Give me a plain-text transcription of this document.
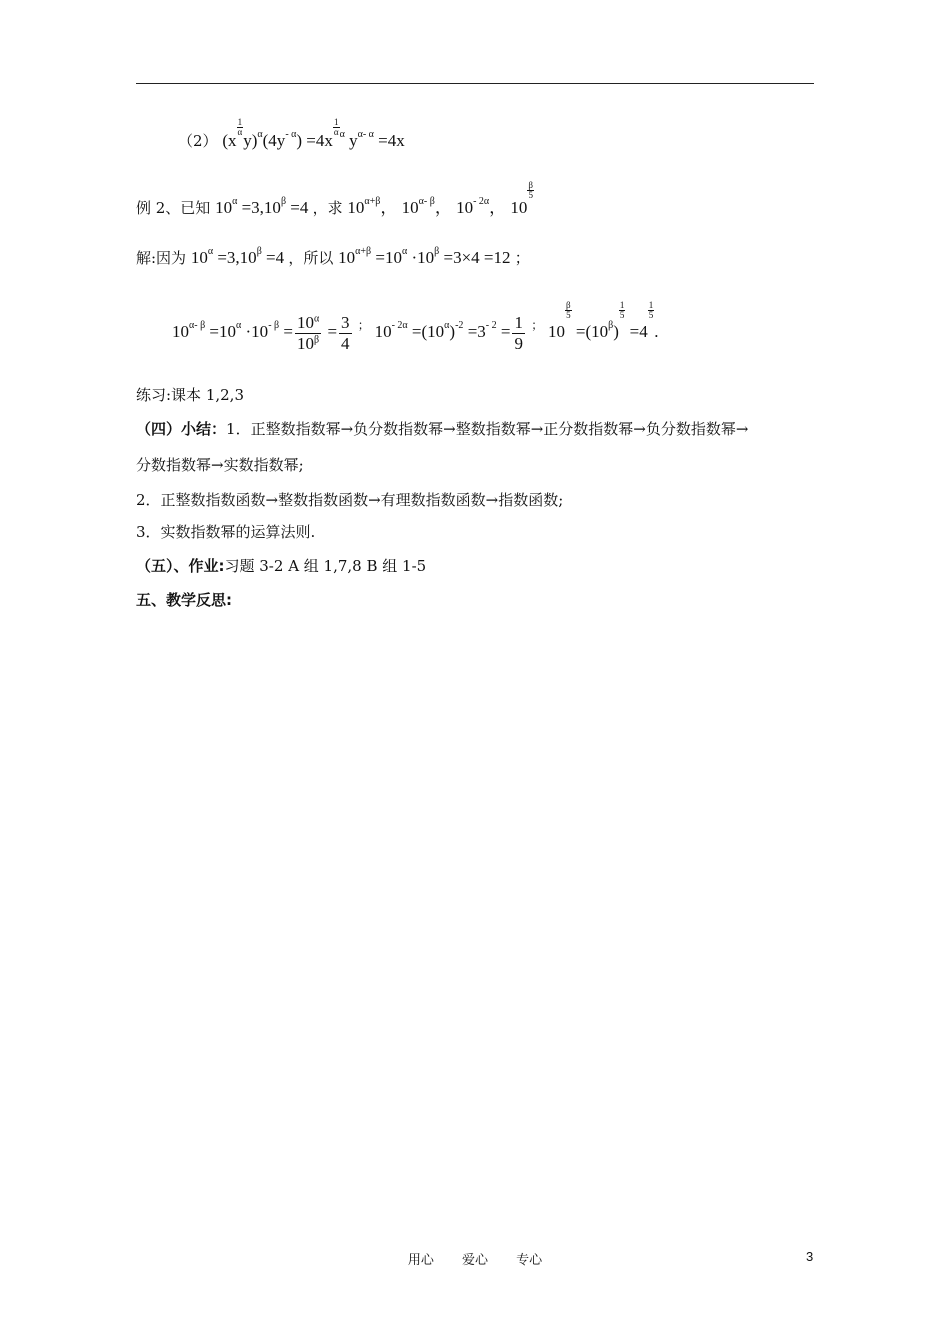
（2） (x
$\frac{1}{\alpha}$
$y)^\alpha(4y^{- \alpha}) =4x$
$\frac{1}{\alpha} ^\alpha$ $y^{\alpha- \alpha} =4x$
例 2、已知 $10^\alpha =3,10^\beta =4$ ，求 $10^{\alpha+\beta}$， $10^{\alpha- \beta}$， $10^{- 2\alpha}$， 10
$\frac{\beta}{5}$
解:因为 $10^\alpha =3,10^\beta =4$ ，所以 $10^{\alpha+\beta} =10^\alpha \cdot 10^\beta =3\times 4 =12$ ；
$10^{\alpha- \beta} =10^\alpha \cdot 10^{- \beta} = \frac{10^\alpha}{10^\beta} = \frac{3}{4} ^;$ $10^{- 2\alpha} =(10^\alpha)^{-2} =3^{- 2} = \frac{1}{9} ^;$ 10
$\frac{\beta}{5}$
$=(10^\beta)$
$\frac{1}{5}$
=4
$\frac{1}{5}$
.
练习:课本 1,2,3
（四）小结：1．正整数指数幂→负分数指数幂→整数指数幂→正分数指数幂→负分数指数幂→
分数指数幂→实数指数幂;
2．正整数指数函数→整数指数函数→有理数指数函数→指数函数;
3．实数指数幂的运算法则.
（五）、作业:习题 3-2 A 组 1,7,8 B 组 1-5
五、教学反思:
用心 爱心 专心	3
